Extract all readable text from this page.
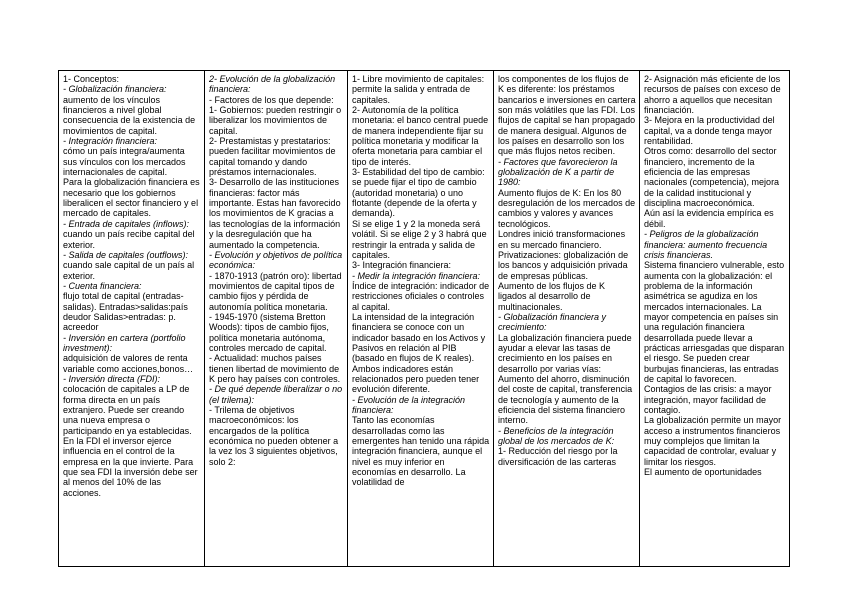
1- Conceptos:
- Globalización financiera:
aumento de los vínculos financieros a nivel global consecuencia de la existencia de movimientos de capital.
- Integración financiera:
cómo un país integra/aumenta sus vínculos con los mercados internacionales de capital.
Para la globalización financiera es necesario que los gobiernos liberalicen el sector financiero y el mercado de capitales.
- Entrada de capitales (inflows):
cuando un país recibe capital del exterior.
- Salida de capitales (outflows):
cuando sale capital de un país al exterior.
- Cuenta financiera:
flujo total de capital (entradas-salidas). Entradas>salidas:país deudor Salidas>entradas: p. acreedor
- Inversión en cartera (portfolio investment):
adquisición de valores de renta variable como acciones,bonos…
- Inversión directa (FDI):
colocación de capitales a LP de forma directa en un país extranjero. Puede ser creando una nueva empresa o participando en ya establecidas. En la FDI el inversor ejerce influencia en el control de la empresa en la que invierte. Para que sea FDI la inversión debe ser al menos del 10% de las acciones.
2- Evolución de la globalización financiera:
- Factores de los que depende:
1- Gobiernos: pueden restringir o liberalizar los movimientos de capital.
2- Prestamistas y prestatarios: pueden facilitar movimientos de capital tomando y dando préstamos internacionales.
3- Desarrollo de las instituciones financieras: factor más importante. Estas han favorecido los movimientos de K gracias a las tecnologías de la información y la desregulación que ha aumentado la competencia.
- Evolución y objetivos de política económica:
- 1870-1913 (patrón oro): libertad movimientos de capital tipos de cambio fijos y pérdida de autonomía política monetaria.
- 1945-1970 (sistema Bretton Woods): tipos de cambio fijos, política monetaria autónoma, controles mercado de capital.
- Actualidad: muchos países tienen libertad de movimiento de K pero hay países con controles.
- De qué depende liberalizar o no (el trilema):
- Trilema de objetivos macroeconómicos: los encargados de la política económica no pueden obtener a la vez los 3 siguientes objetivos, solo 2:
1- Libre movimiento de capitales: permite la salida y entrada de capitales.
2- Autonomía de la política monetaria: el banco central puede de manera independiente fijar su política monetaria y modificar la oferta monetaria para cambiar el tipo de interés.
3- Estabilidad del tipo de cambio: se puede fijar el tipo de cambio (autoridad monetaria) o uno flotante (depende de la oferta y demanda).
Si se elige 1 y 2 la moneda será volátil. Si se elige 2 y 3 habrá que restringir la entrada y salida de capitales.
3- Integración financiera:
- Medir la integración financiera:
Índice de integración: indicador de restricciones oficiales o controles al capital.
La intensidad de la integración financiera se conoce con un indicador basado en los Activos y Pasivos en relación al PIB (basado en flujos de K reales). Ambos indicadores están relacionados pero pueden tener evolución diferente.
- Evolución de la integración financiera:
Tanto las economías desarrolladas como las emergentes han tenido una rápida integración financiera, aunque el nivel es muy inferior en economías en desarrollo. La volatilidad de
los componentes de los flujos de K es diferente: los préstamos bancarios e inversiones en cartera son más volátiles que las FDI. Los flujos de capital se han propagado de manera desigual. Algunos de los países en desarrollo son los que más flujos netos reciben.
- Factores que favorecieron la globalización de K a partir de 1980:
Aumento flujos de K: En los 80 desregulación de los mercados de cambios y valores y avances tecnológicos.
Londres inició transformaciones en su mercado financiero.
Privatizaciones: globalización de los bancos y adquisición privada de empresas públicas.
Aumento de los flujos de K ligados al desarrollo de multinacionales.
- Globalización financiera y crecimiento:
La globalización financiera puede ayudar a elevar las tasas de crecimiento en los países en desarrollo por varias vías: Aumento del ahorro, disminución del coste de capital, transferencia de tecnología y aumento de la eficiencia del sistema financiero interno.
- Beneficios de la integración global de los mercados de K:
1- Reducción del riesgo por la diversificación de las carteras
2- Asignación más eficiente de los recursos de países con exceso de ahorro a aquellos que necesitan financiación.
3- Mejora en la productividad del capital, va a donde tenga mayor rentabilidad.
Otros como: desarrollo del sector financiero, incremento de la eficiencia de las empresas nacionales (competencia), mejora de la calidad institucional y disciplina macroeconómica.
Aún así la evidencia empírica es débil.
- Peligros de la globalización financiera: aumento frecuencia crisis financieras.
Sistema financiero vulnerable, esto aumenta con la globalización: el problema de la información asimétrica se agudiza en los mercados internacionales. La mayor competencia en países sin una regulación financiera desarrollada puede llevar a prácticas arriesgadas que disparan el riesgo. Se pueden crear burbujas financieras, las entradas de capital lo favorecen.
Contagios de las crisis: a mayor integración, mayor facilidad de contagio.
La globalización permite un mayor acceso a instrumentos financieros muy complejos que limitan la capacidad de controlar, evaluar y limitar los riesgos.
El aumento de oportunidades
